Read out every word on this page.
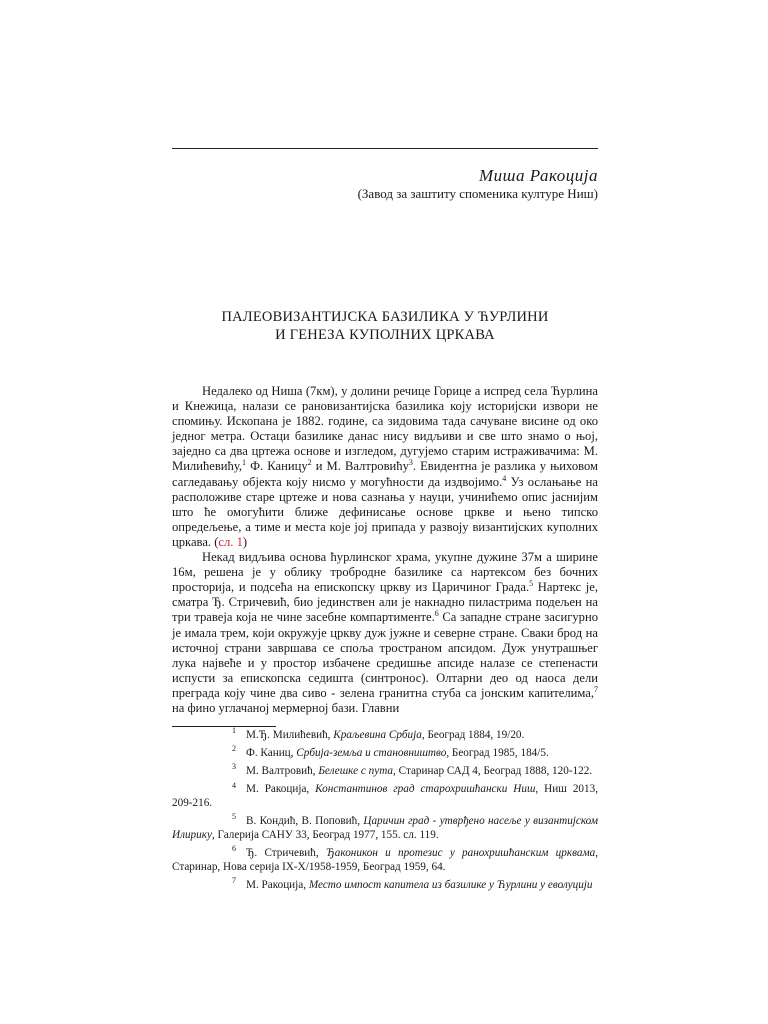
Миша Ракоција
(Завод за заштиту споменика културе Ниш)
ПАЛЕОВИЗАНТИЈСКА БАЗИЛИКА У ЋУРЛИНИ
И ГЕНЕЗА КУПОЛНИХ ЦРКАВА

Недалеко од Ниша (7км), у долини речице Горице а испред села Ћурлина и Кнежица, налази се рановизантијска базилика коју историјски извори не спомињу. Ископана је 1882. године, са зидовима тада сачуване висине од око једног метра. Остаци базилике данас нису видљиви и све што знамо о њој, заједно са два цртежа основе и изгледом, дугујемо старим истраживачима: М. Милићевићу,$^1$ Ф. Каницу$^2$ и М. Валтровићу$^3$. Евидентна је разлика у њиховом сагледавању објекта коју нисмо у могућности да издвојимо.$^4$ Уз ослањање на расположиве старе цртеже и нова сазнања у науци, учинићемо опис јаснијим што ће омогућити ближе дефинисање основе цркве и њено типско опредељење, а тиме и места које јој припада у развоју византијских куполних цркава. (сл. 1)

Некад видљива основа ћурлинског храма, укупне дужине 37м а ширине 16м, решена је у облику тробродне базилике са нартексом без бочних просторија, и подсећа на епископску цркву из Царичиног Града.$^5$ Нартекс је, сматра Ђ. Стричевић, био јединствен али је накнадно пиластрима подељен на три травеја која не чине засебне компартименте.$^6$ Са западне стране засигурно је имала трем, који окружује цркву дуж јужне и северне стране. Сваки брод на источној страни завршава се споља тространом апсидом. Дуж унутрашњег лука највеће и у простор избачене средишње апсиде налазе се степенасти испусти за епископска седишта (синтронос). Олтарни део од наоса дели преграда коју чине два сиво - зелена гранитна стуба са јонским капителима,$^7$ на фино углачаној мермерној бази. Главни

$^1$ М.Ђ. Милићевић, Краљевина Србија, Београд 1884, 19/20.
$^2$ Ф. Каниц, Србија-земља и становништво, Београд 1985, 184/5.
$^3$ М. Валтровић, Белешке с пута, Старинар САД 4, Београд 1888, 120-122.
$^4$ М. Ракоција, Константинов град старохришћански Ниш, Ниш 2013, 209-216.
$^5$ В. Кондић, В. Поповић, Царичин град - утврђено насеље у византијском Илирику, Галерија САНУ 33, Београд 1977, 155. сл. 119.
$^6$ Ђ. Стричевић, Ђаконикон и протезис у ранохришћанским црквама, Старинар, Нова серија IX-X/1958-1959, Београд 1959, 64.
$^7$ М. Ракоција, Место импост капитела из базилике у Ћурлини у еволуцији
